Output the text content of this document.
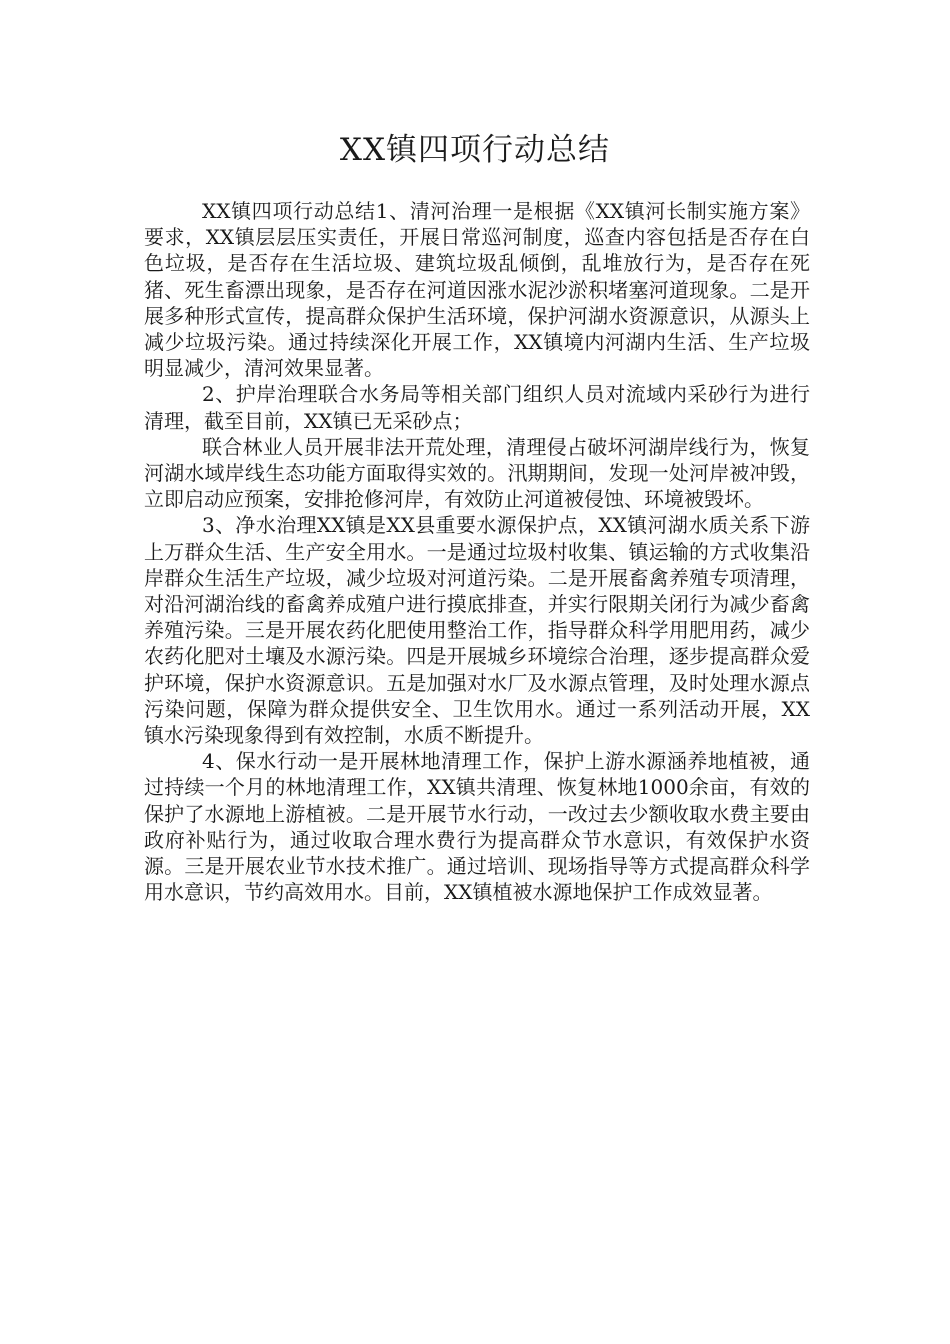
XX镇四项行动总结

XX镇四项行动总结1、清河治理一是根据《XX镇河长制实施方案》要求，XX镇层层压实责任，开展日常巡河制度，巡查内容包括是否存在白色垃圾，是否存在生活垃圾、建筑垃圾乱倾倒，乱堆放行为，是否存在死猪、死生畜漂出现象，是否存在河道因涨水泥沙淤积堵塞河道现象。二是开展多种形式宣传，提高群众保护生活环境，保护河湖水资源意识，从源头上减少垃圾污染。通过持续深化开展工作，XX镇境内河湖内生活、生产垃圾明显减少，清河效果显著。

2、护岸治理联合水务局等相关部门组织人员对流域内采砂行为进行清理，截至目前，XX镇已无采砂点；

联合林业人员开展非法开荒处理，清理侵占破坏河湖岸线行为，恢复河湖水域岸线生态功能方面取得实效的。汛期期间，发现一处河岸被冲毁，立即启动应预案，安排抢修河岸，有效防止河道被侵蚀、环境被毁坏。

3、净水治理XX镇是XX县重要水源保护点，XX镇河湖水质关系下游上万群众生活、生产安全用水。一是通过垃圾村收集、镇运输的方式收集沿岸群众生活生产垃圾，减少垃圾对河道污染。二是开展畜禽养殖专项清理，对沿河湖治线的畜禽养成殖户进行摸底排查，并实行限期关闭行为减少畜禽养殖污染。三是开展农药化肥使用整治工作，指导群众科学用肥用药，减少农药化肥对土壤及水源污染。四是开展城乡环境综合治理，逐步提高群众爱护环境，保护水资源意识。五是加强对水厂及水源点管理，及时处理水源点污染问题，保障为群众提供安全、卫生饮用水。通过一系列活动开展，XX镇水污染现象得到有效控制，水质不断提升。

4、保水行动一是开展林地清理工作，保护上游水源涵养地植被，通过持续一个月的林地清理工作，XX镇共清理、恢复林地1000余亩，有效的保护了水源地上游植被。二是开展节水行动，一改过去少额收取水费主要由政府补贴行为，通过收取合理水费行为提高群众节水意识，有效保护水资源。三是开展农业节水技术推广。通过培训、现场指导等方式提高群众科学用水意识，节约高效用水。目前，XX镇植被水源地保护工作成效显著。
